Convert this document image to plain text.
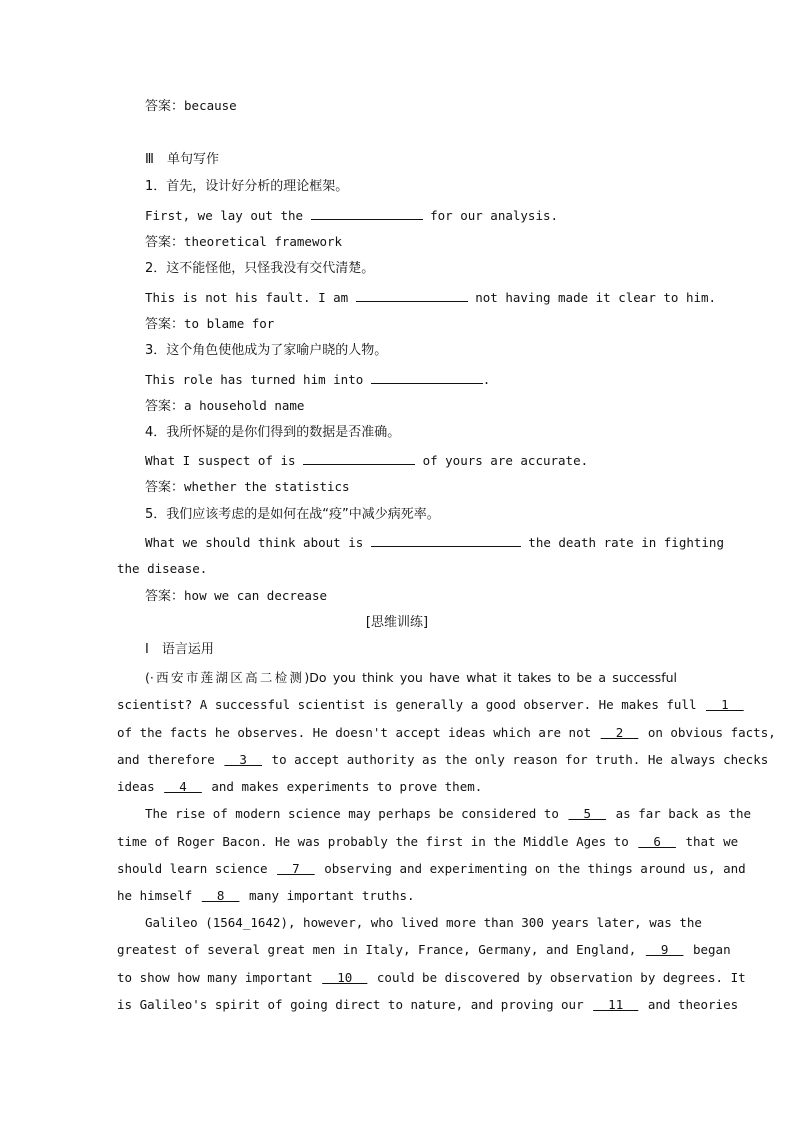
答案：because
Ⅲ　单句写作
1．首先，设计好分析的理论框架。
First, we lay out the	for our analysis.
答案：theoretical framework
2．这不能怪他，只怪我没有交代清楚。
This is not his fault. I am	not having made it clear to him.
答案：to blame for
3．这个角色使他成为了家喻户晓的人物。
This role has turned him into	.
答案：a household name
4．我所怀疑的是你们得到的数据是否准确。
What I suspect of is	of yours are accurate.
答案：whether the statistics
5．我们应该考虑的是如何在战“疫”中减少病死率。
What we should think about is	the death rate in fighting
the disease.
答案：how we can decrease
[思维训练]
Ⅰ　语言运用
(·西安市莲湖区高二检测)Do you think you have what it takes to be a successful
scientist? A successful scientist is generally a good observer. He makes full   1
of the facts he observes. He doesn't accept ideas which are not   2   on obvious facts,
and therefore   3   to accept authority as the only reason for truth. He always checks
ideas   4   and makes experiments to prove them.
The rise of modern science may perhaps be considered to   5   as far back as the
time of Roger Bacon. He was probably the first in the Middle Ages to   6   that we
should learn science   7   observing and experimenting on the things around us, and
he himself   8   many important truths.
Galileo (1564_1642), however, who lived more than 300 years later, was the
greatest of several great men in Italy, France, Germany, and England,   9   began
to show how many important   10   could be discovered by observation by degrees. It
is Galileo's spirit of going direct to nature, and proving our   11   and theories
